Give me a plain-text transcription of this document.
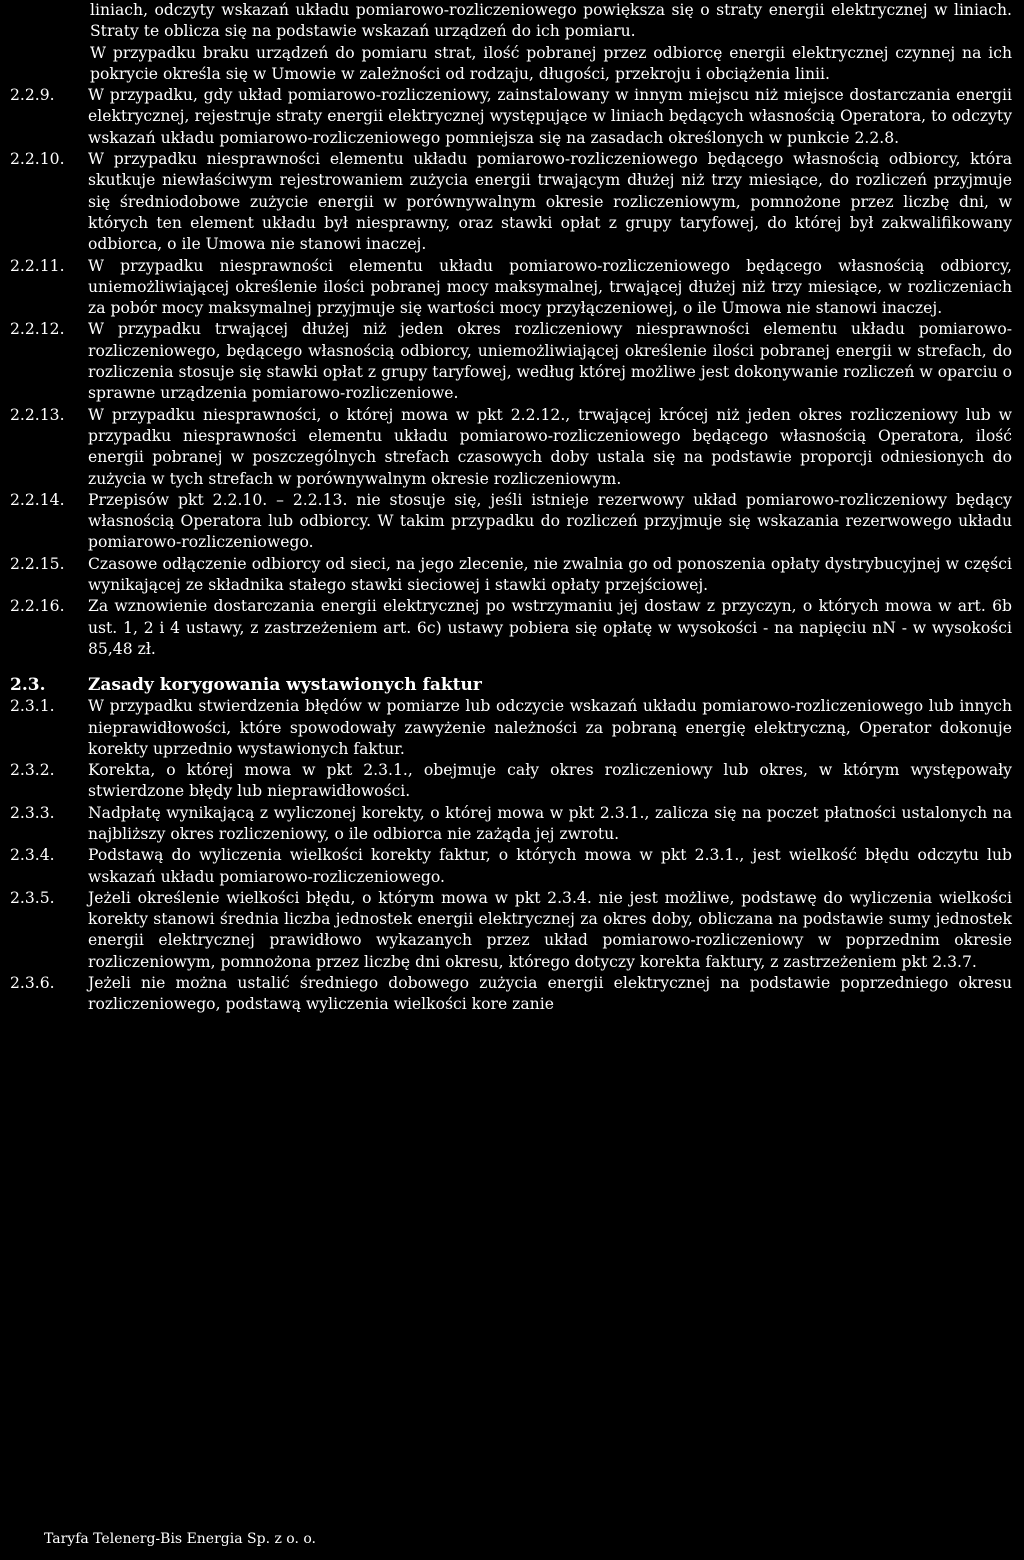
liniach, odczyty wskazań układu pomiarowo-rozliczeniowego powiększa się o straty energii elektrycznej w liniach. Straty te oblicza się na podstawie wskazań urządzeń do ich pomiaru.

W przypadku braku urządzeń do pomiaru strat, ilość pobranej przez odbiorcę energii elektrycznej czynnej na ich pokrycie określa się w Umowie w zależności od rodzaju, długości, przekroju i obciążenia linii.

2.2.9.	W przypadku, gdy układ pomiarowo-rozliczeniowy, zainstalowany w innym miejscu niż miejsce dostarczania energii elektrycznej, rejestruje straty energii elektrycznej występujące w liniach będących własnością Operatora, to odczyty wskazań układu pomiarowo-rozliczeniowego pomniejsza się na zasadach określonych w punkcie 2.2.8.

2.2.10.	W przypadku niesprawności elementu układu pomiarowo-rozliczeniowego będącego własnością odbiorcy, która skutkuje niewłaściwym rejestrowaniem zużycia energii trwającym dłużej niż trzy miesiące, do rozliczeń przyjmuje się średniodobowe zużycie energii w porównywalnym okresie rozliczeniowym, pomnożone przez liczbę dni, w których ten element układu był niesprawny, oraz stawki opłat z grupy taryfowej, do której był zakwalifikowany odbiorca, o ile Umowa nie stanowi inaczej.

2.2.11.	W przypadku niesprawności elementu układu pomiarowo-rozliczeniowego będącego własnością odbiorcy, uniemożliwiającej określenie ilości pobranej mocy maksymalnej, trwającej dłużej niż trzy miesiące, w rozliczeniach za pobór mocy maksymalnej przyjmuje się wartości mocy przyłączeniowej, o ile Umowa nie stanowi inaczej.

2.2.12.	W przypadku trwającej dłużej niż jeden okres rozliczeniowy niesprawności elementu układu pomiarowo-rozliczeniowego, będącego własnością odbiorcy, uniemożliwiającej określenie ilości pobranej energii w strefach, do rozliczenia stosuje się stawki opłat z grupy taryfowej, według której możliwe jest dokonywanie rozliczeń w oparciu o sprawne urządzenia pomiarowo-rozliczeniowe.

2.2.13.	W przypadku niesprawności, o której mowa w pkt 2.2.12., trwającej krócej niż jeden okres rozliczeniowy lub w przypadku niesprawności elementu układu pomiarowo-rozliczeniowego będącego własnością Operatora, ilość energii pobranej w poszczególnych strefach czasowych doby ustala się na podstawie proporcji odniesionych do zużycia w tych strefach w porównywalnym okresie rozliczeniowym.

2.2.14.	Przepisów pkt 2.2.10. – 2.2.13. nie stosuje się, jeśli istnieje rezerwowy układ pomiarowo-rozliczeniowy będący własnością Operatora lub odbiorcy. W takim przypadku do rozliczeń przyjmuje się wskazania rezerwowego układu pomiarowo-rozliczeniowego.

2.2.15.	Czasowe odłączenie odbiorcy od sieci, na jego zlecenie, nie zwalnia go od ponoszenia opłaty dystrybucyjnej w części wynikającej ze składnika stałego stawki sieciowej i stawki opłaty przejściowej.

2.2.16.	Za wznowienie dostarczania energii elektrycznej po wstrzymaniu jej dostaw z przyczyn, o których mowa w art. 6b ust. 1, 2 i 4 ustawy, z zastrzeżeniem art. 6c) ustawy pobiera się opłatę w wysokości - na napięciu nN - w wysokości 85,48 zł.

2.3.	Zasady korygowania wystawionych faktur
2.3.1.	W przypadku stwierdzenia błędów w pomiarze lub odczycie wskazań układu pomiarowo-rozliczeniowego lub innych nieprawidłowości, które spowodowały zawyżenie należności za pobraną energię elektryczną, Operator dokonuje korekty uprzednio wystawionych faktur.

2.3.2.	Korekta, o której mowa w pkt 2.3.1., obejmuje cały okres rozliczeniowy lub okres, w którym występowały stwierdzone błędy lub nieprawidłowości.

2.3.3.	Nadpłatę wynikającą z wyliczonej korekty, o której mowa w pkt 2.3.1., zalicza się na poczet płatności ustalonych na najbliższy okres rozliczeniowy, o ile odbiorca nie zażąda jej zwrotu.

2.3.4.	Podstawą do wyliczenia wielkości korekty faktur, o których mowa w pkt 2.3.1., jest wielkość błędu odczytu lub wskazań układu pomiarowo-rozliczeniowego.

2.3.5.	Jeżeli określenie wielkości błędu, o którym mowa w pkt 2.3.4. nie jest możliwe, podstawę do wyliczenia wielkości korekty stanowi średnia liczba jednostek energii elektrycznej za okres doby, obliczana na podstawie sumy jednostek energii elektrycznej prawidłowo wykazanych przez układ pomiarowo-rozliczeniowy w poprzednim okresie rozliczeniowym, pomnożona przez liczbę dni okresu, którego dotyczy korekta faktury, z zastrzeżeniem pkt 2.3.7.

2.3.6.	Jeżeli nie można ustalić średniego dobowego zużycia energii elektrycznej na podstawie poprzedniego okresu rozliczeniowego, podstawą wyliczenia wielkości kore zanie

Taryfa Telenerg-Bis Energia Sp. z o. o.
